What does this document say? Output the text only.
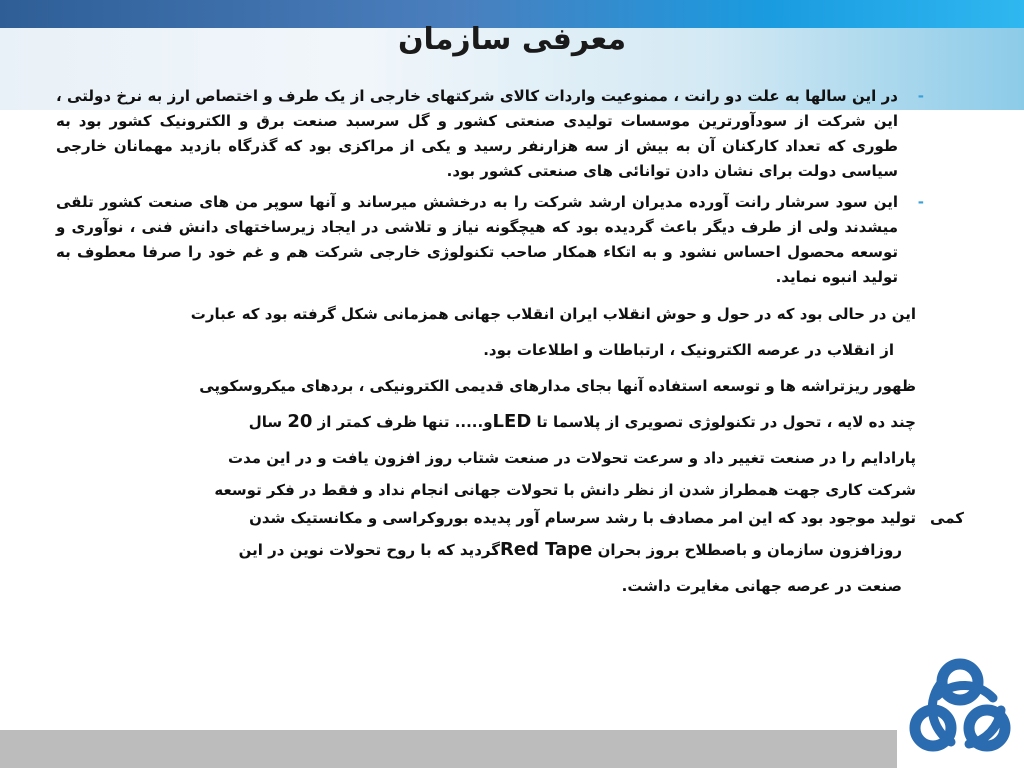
معرفی سازمان
-
در این سالها به علت دو رانت ، ممنوعیت واردات کالای شرکتهای خارجی از یک طرف و اختصاص ارز به نرخ دولتی ، این شرکت از سودآورترین موسسات تولیدی صنعتی کشور و گل سرسبد صنعت برق و الکترونیک کشور بود به طوری که تعداد کارکنان آن به بیش از سه هزارنفر رسید و یکی از مراکزی بود که گذرگاه بازدید مهمانان خارجی سیاسی دولت برای نشان دادن توانائی های صنعتی کشور بود.
-
این سود سرشار رانت آورده مدیران ارشد شرکت را به درخشش میرساند و آنها سوپر من های صنعت کشور تلقی میشدند ولی از طرف دیگر باعث گردیده بود که هیچگونه نیاز و تلاشی در ایجاد زیرساختهای دانش فنی ، نوآوری و توسعه محصول احساس نشود و به اتکاء همکار صاحب تکنولوژی خارجی شرکت هم و غم خود را صرفا معطوف به تولید انبوه نماید.

این در حالی بود که در حول و حوش انقلاب ایران انقلاب جهانی همزمانی شکل گرفته بود که عبارت

از انقلاب در عرصه الکترونیک ، ارتباطات و اطلاعات بود.

ظهور ریزتراشه ها و توسعه استفاده آنها بجای مدارهای قدیمی الکترونیکی ، بردهای میکروسکوپی

چند ده لایه ، تحول در تکنولوژی تصویری از پلاسما تا LEDو..... تنها ظرف کمتر از 20 سال

پارادایم را در صنعت تغییر داد و سرعت تحولات در صنعت شتاب روز افزون یافت و در این مدت

شرکت کاری جهت همطراز شدن از نظر دانش با تحولات جهانی انجام نداد و فقط در فکر توسعه

کمی
تولید موجود بود که این امر مصادف با رشد سرسام آور پدیده بوروکراسی و مکانستیک شدن

روزافزون سازمان و باصطلاح بروز بحران Red Tapeگردید که با روح تحولات نوین در این

صنعت در عرصه جهانی مغایرت داشت.
